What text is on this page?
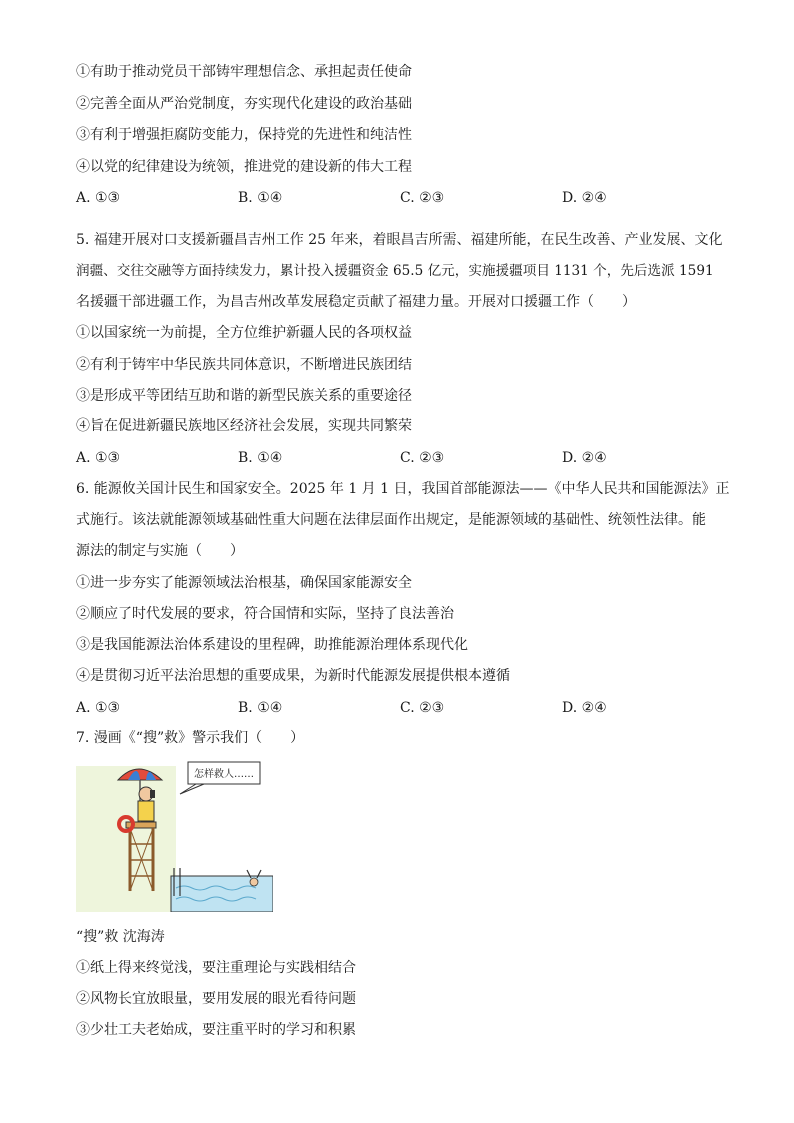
①有助于推动党员干部铸牢理想信念、承担起责任使命
②完善全面从严治党制度，夯实现代化建设的政治基础
③有利于增强拒腐防变能力，保持党的先进性和纯洁性
④以党的纪律建设为统领，推进党的建设新的伟大工程
A. ①③	B. ①④	C. ②③	D. ②④
5. 福建开展对口支援新疆昌吉州工作 25 年来，着眼昌吉所需、福建所能，在民生改善、产业发展、文化
润疆、交往交融等方面持续发力，累计投入援疆资金 65.5 亿元，实施援疆项目 1131 个，先后选派 1591
名援疆干部进疆工作，为昌吉州改革发展稳定贡献了福建力量。开展对口援疆工作（　　）
①以国家统一为前提，全方位维护新疆人民的各项权益
②有利于铸牢中华民族共同体意识，不断增进民族团结
③是形成平等团结互助和谐的新型民族关系的重要途径
④旨在促进新疆民族地区经济社会发展，实现共同繁荣
A. ①③	B. ①④	C. ②③	D. ②④
6. 能源攸关国计民生和国家安全。2025 年 1 月 1 日，我国首部能源法——《中华人民共和国能源法》正
式施行。该法就能源领域基础性重大问题在法律层面作出规定，是能源领域的基础性、统领性法律。能
源法的制定与实施（　　）
①进一步夯实了能源领域法治根基，确保国家能源安全
②顺应了时代发展的要求，符合国情和实际，坚持了良法善治
③是我国能源法治体系建设的里程碑，助推能源治理体系现代化
④是贯彻习近平法治思想的重要成果，为新时代能源发展提供根本遵循
A. ①③	B. ①④	C. ②③	D. ②④
7. 漫画《“搜”救》警示我们（　　）
怎样救人……
“搜”救 沈海涛
①纸上得来终觉浅，要注重理论与实践相结合
②风物长宜放眼量，要用发展的眼光看待问题
③少壮工夫老始成，要注重平时的学习和积累
